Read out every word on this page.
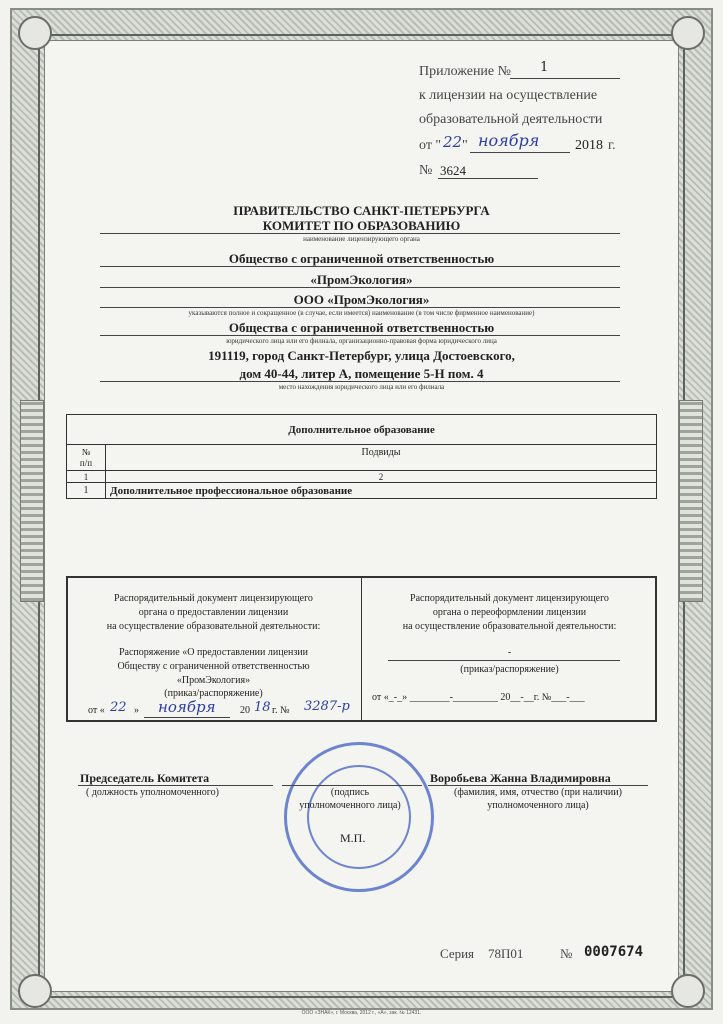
Приложение № 1
к лицензии на осуществление
образовательной деятельности
от " 22 " ноября	2018 г.
№ 3624
ПРАВИТЕЛЬСТВО САНКТ-ПЕТЕРБУРГА
КОМИТЕТ ПО ОБРАЗОВАНИЮ
наименование лицензирующего органа
Общество с ограниченной ответственностью
«ПромЭкология»
ООО «ПромЭкология»
указываются полное и сокращенное (в случае, если имеется) наименование (в том числе фирменное наименование)
Общества с ограниченной ответственностью
юридического лица или его филиала, организационно-правовая форма юридического лица
191119, город Санкт-Петербург, улица Достоевского,
дом 40-44, литер А, помещение 5-Н пом. 4
место нахождения юридического лица или его филиала
Дополнительное образование	
№
п/п	Подвиды
1	2
1	Дополнительное профессиональное образование
Распорядительный документ лицензирующего
органа о предоставлении лицензии
на осуществление образовательной деятельности:
Распоряжение «О предоставлении лицензии
Обществу с ограниченной ответственностью
«ПромЭкология»
(приказ/распоряжение)
от « 22 » ноября 20 18 г. № 3287-р
Распорядительный документ лицензирующего
органа о переоформлении лицензии
на осуществление образовательной деятельности:
-
(приказ/распоряжение)
от «_-_» ________-_________ 20__-__г. №___-___
Председатель Комитета
( должность уполномоченного)	(подпись
уполномоченного лица)
Воробьева Жанна Владимировна
(фамилия, имя, отчество (при наличии)
уполномоченного лица)
М.П.
Серия 78П01	№ 0007674
ООО «ЗНАК», г. Москва, 2012 г., «А», зак. № 12431.
